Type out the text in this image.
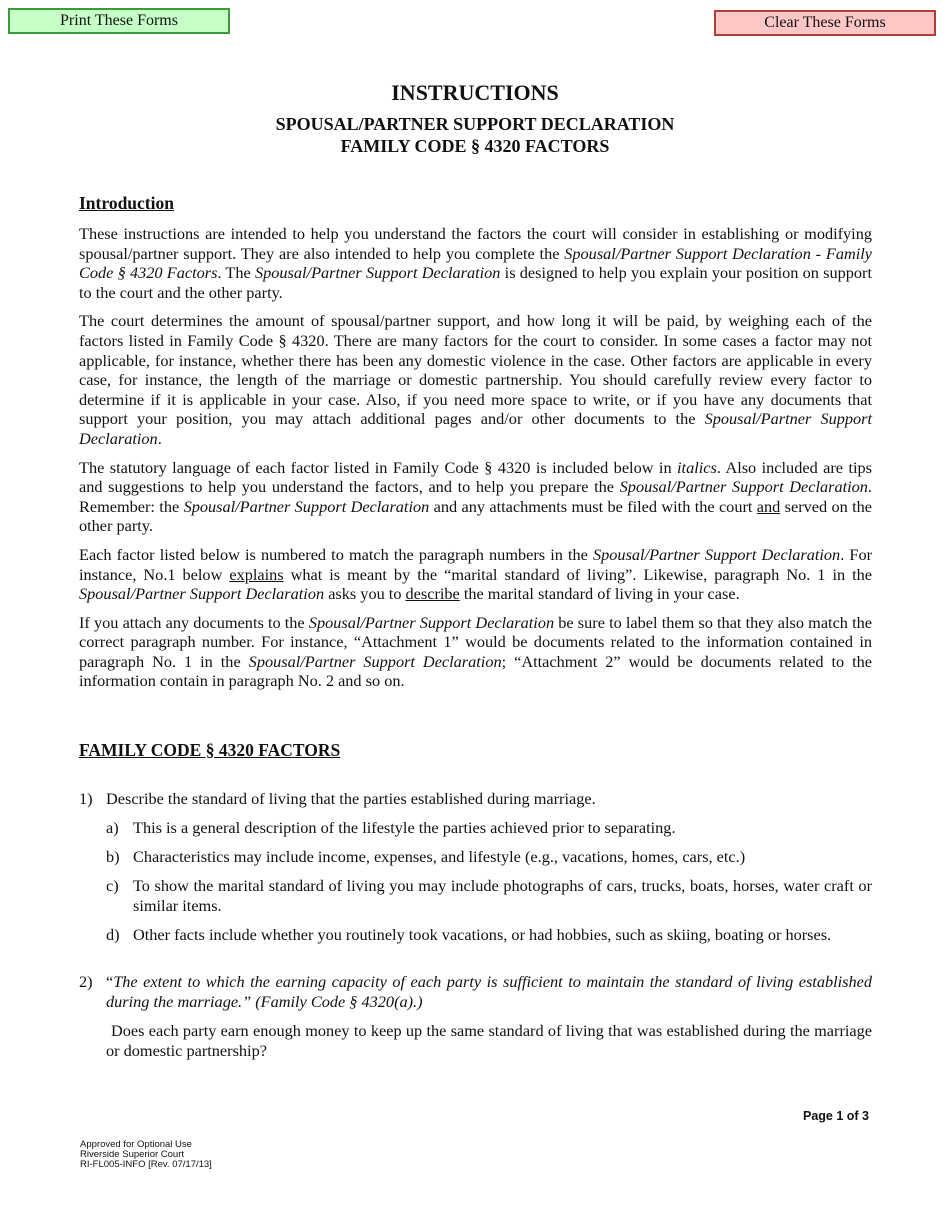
Print These Forms	Clear These Forms
INSTRUCTIONS
SPOUSAL/PARTNER SUPPORT DECLARATION
FAMILY CODE § 4320 FACTORS
Introduction

These instructions are intended to help you understand the factors the court will consider in establishing or modifying spousal/partner support. They are also intended to help you complete the Spousal/Partner Support Declaration - Family Code § 4320 Factors. The Spousal/Partner Support Declaration is designed to help you explain your position on support to the court and the other party.

The court determines the amount of spousal/partner support, and how long it will be paid, by weighing each of the factors listed in Family Code § 4320. There are many factors for the court to consider. In some cases a factor may not applicable, for instance, whether there has been any domestic violence in the case. Other factors are applicable in every case, for instance, the length of the marriage or domestic partnership. You should carefully review every factor to determine if it is applicable in your case. Also, if you need more space to write, or if you have any documents that support your position, you may attach additional pages and/or other documents to the Spousal/Partner Support Declaration.

The statutory language of each factor listed in Family Code § 4320 is included below in italics. Also included are tips and suggestions to help you understand the factors, and to help you prepare the Spousal/Partner Support Declaration. Remember: the Spousal/Partner Support Declaration and any attachments must be filed with the court and served on the other party.

Each factor listed below is numbered to match the paragraph numbers in the Spousal/Partner Support Declaration. For instance, No.1 below explains what is meant by the “marital standard of living”. Likewise, paragraph No. 1 in the Spousal/Partner Support Declaration asks you to describe the marital standard of living in your case.

If you attach any documents to the Spousal/Partner Support Declaration be sure to label them so that they also match the correct paragraph number. For instance, “Attachment 1” would be documents related to the information contained in paragraph No. 1 in the Spousal/Partner Support Declaration; “Attachment 2” would be documents related to the information contain in paragraph No. 2 and so on.

FAMILY CODE § 4320 FACTORS
1) Describe the standard of living that the parties established during marriage.
a) This is a general description of the lifestyle the parties achieved prior to separating.
b) Characteristics may include income, expenses, and lifestyle (e.g., vacations, homes, cars, etc.)
c) To show the marital standard of living you may include photographs of cars, trucks, boats, horses, water craft or similar items.
d) Other facts include whether you routinely took vacations, or had hobbies, such as skiing, boating or horses.
2) “The extent to which the earning capacity of each party is sufficient to maintain the standard of living established during the marriage.” (Family Code § 4320(a).)
Does each party earn enough money to keep up the same standard of living that was established during the marriage or domestic partnership?
Page 1 of 3
Approved for Optional Use
Riverside Superior Court
RI-FL005-INFO [Rev. 07/17/13]
